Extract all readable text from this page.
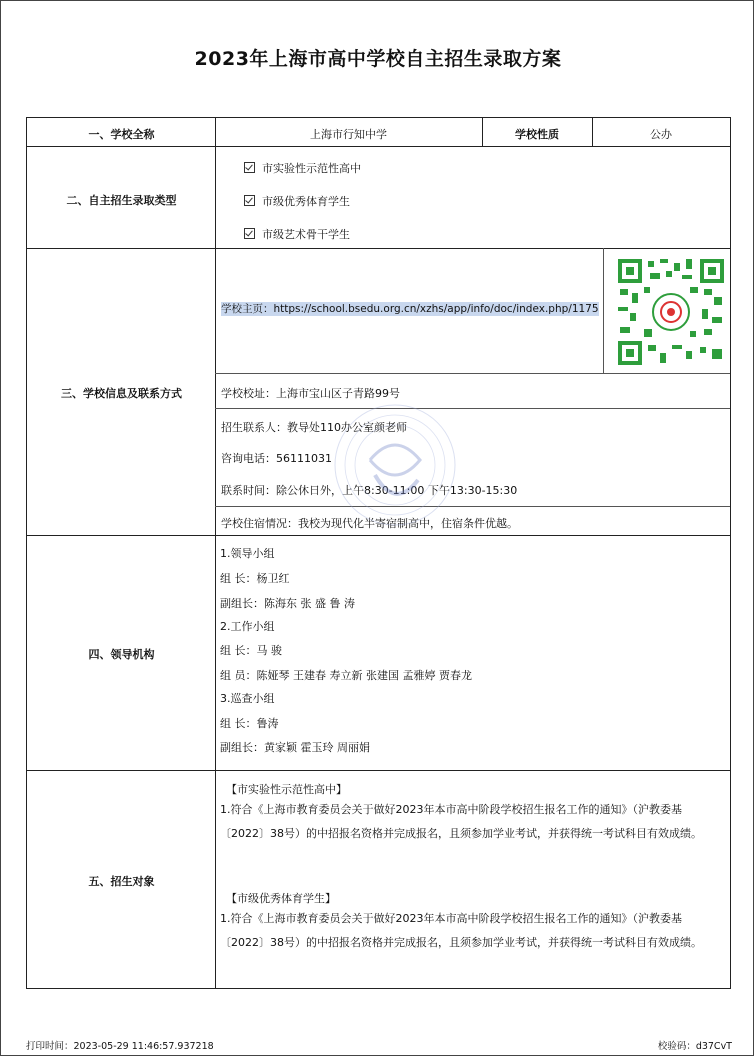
2023年上海市高中学校自主招生录取方案
一、学校全称	上海市行知中学	学校性质	公办
二、自主招生录取类型
市实验性示范性高中
市级优秀体育学生
市级艺术骨干学生
三、学校信息及联系方式
学校主页：https://school.bsedu.org.cn/xzhs/app/info/doc/index.php/1175
学校校址：上海市宝山区子青路99号
招生联系人：教导处110办公室颜老师
咨询电话：56111031
联系时间：除公休日外，上午8:30-11:00 下午13:30-15:30
学校住宿情况：我校为现代化半寄宿制高中，住宿条件优越。
四、领导机构
1.领导小组
组 长：杨卫红
副组长：陈海东 张 盛 鲁 涛
2.工作小组
组 长：马 骏
组 员：陈娅琴 王建春 寿立新 张建国 孟雅婷 贾春龙
3.巡查小组
组 长：鲁涛
副组长：黄家颖 霍玉玲 周丽娟
五、招生对象
【市实验性示范性高中】
1.符合《上海市教育委员会关于做好2023年本市高中阶段学校招生报名工作的通知》（沪教委基〔2022〕38号）的中招报名资格并完成报名，且须参加学业考试，并获得统一考试科目有效成绩。
【市级优秀体育学生】
1.符合《上海市教育委员会关于做好2023年本市高中阶段学校招生报名工作的通知》（沪教委基〔2022〕38号）的中招报名资格并完成报名，且须参加学业考试，并获得统一考试科目有效成绩。
打印时间：2023-05-29 11:46:57.937218	校验码：d37CvT
